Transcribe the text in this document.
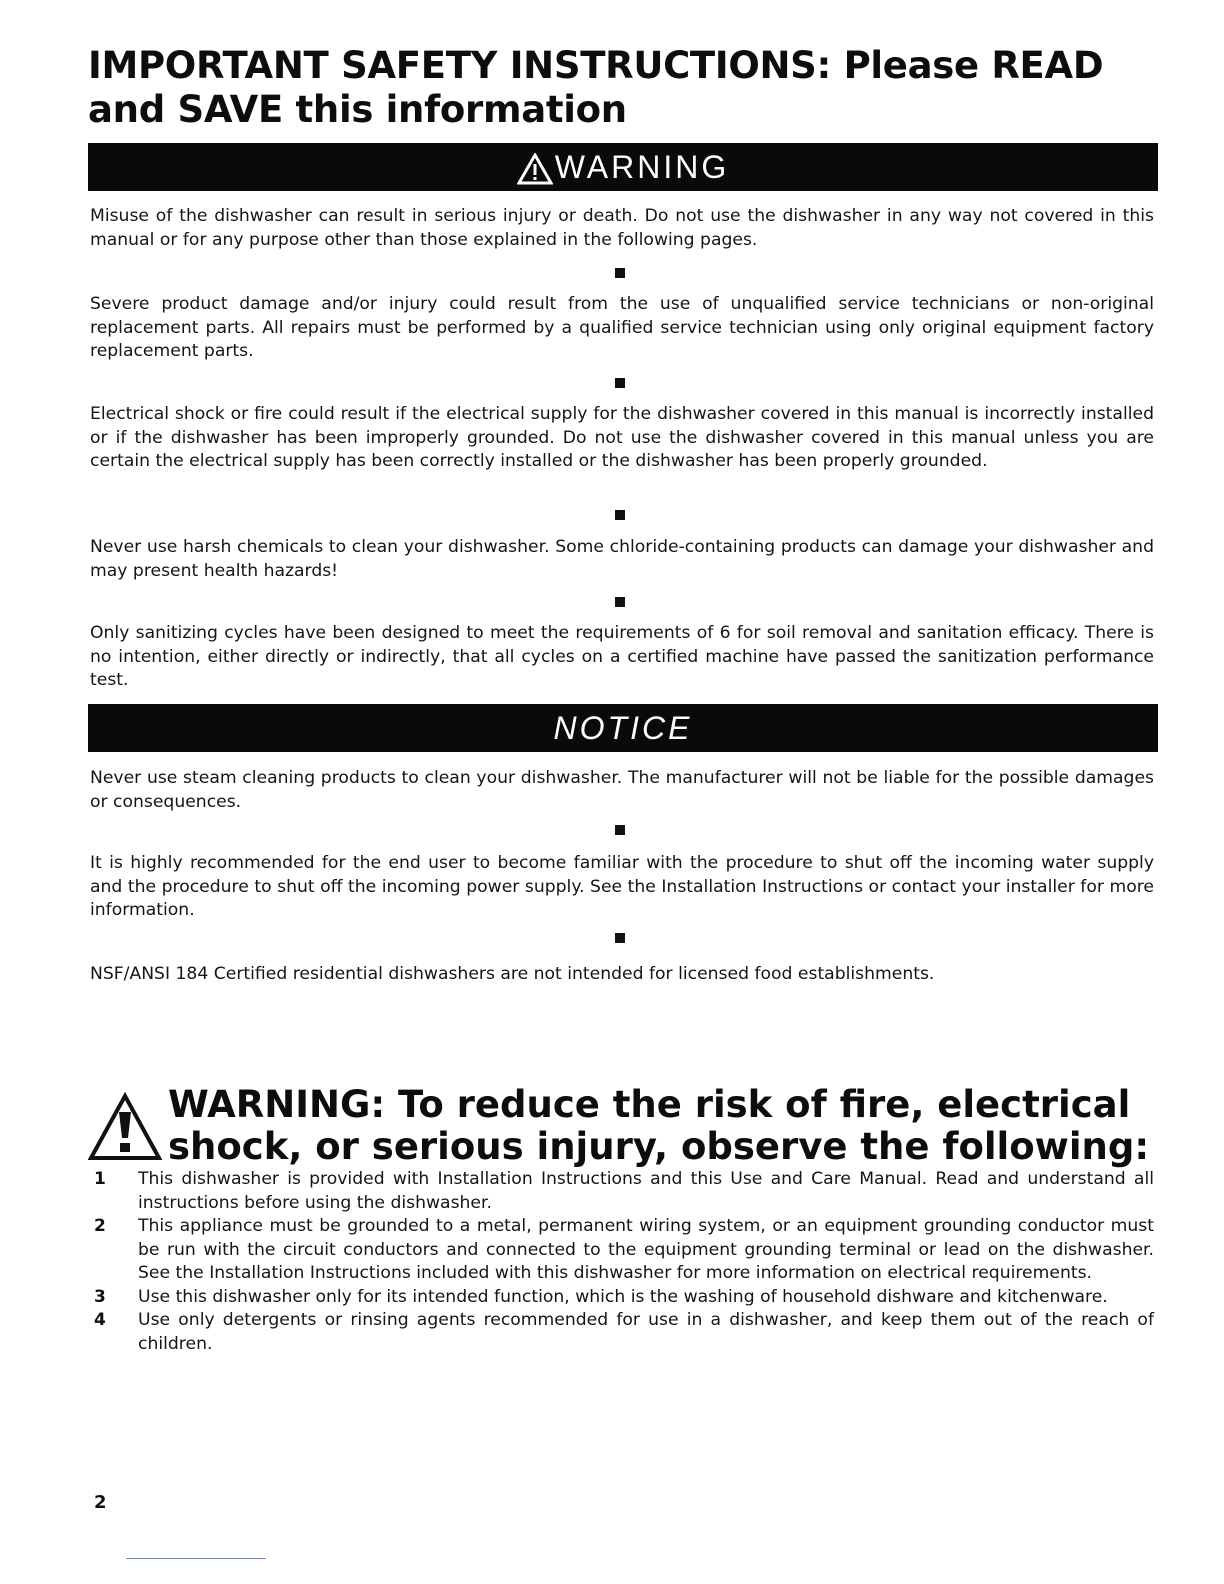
IMPORTANT SAFETY INSTRUCTIONS: Please READ and SAVE this information
WARNING
Misuse of the dishwasher can result in serious injury or death. Do not use the dishwasher in any way not covered in this manual or for any purpose other than those explained in the following pages.
Severe product damage and/or injury could result from the use of unqualified service technicians or non-original replacement parts. All repairs must be performed by a qualified service technician using only original equipment factory replacement parts.
Electrical shock or fire could result if the electrical supply for the dishwasher covered in this manual is incorrectly installed or if the dishwasher has been improperly grounded. Do not use the dishwasher covered in this manual unless you are certain the electrical supply has been correctly installed or the dishwasher has been properly grounded.
Never use harsh chemicals to clean your dishwasher. Some chloride-containing products can damage your dishwasher and may present health hazards!
Only sanitizing cycles have been designed to meet the requirements of 6 for soil removal and sanitation efficacy. There is no intention, either directly or indirectly, that all cycles on a certified machine have passed the sanitization performance test.
NOTICE
Never use steam cleaning products to clean your dishwasher. The manufacturer will not be liable for the possible damages or consequences.
It is highly recommended for the end user to become familiar with the procedure to shut off the incoming water supply and the procedure to shut off the incoming power supply. See the Installation Instructions or contact your installer for more information.
NSF/ANSI 184 Certified residential dishwashers are not intended for licensed food establishments.
WARNING: To reduce the risk of fire, electrical
shock, or serious injury, observe the following:
1	This dishwasher is provided with Installation Instructions and this Use and Care Manual. Read and understand all instructions before using the dishwasher.
2	This appliance must be grounded to a metal, permanent wiring system, or an equipment grounding conductor must be run with the circuit conductors and connected to the equipment grounding terminal or lead on the dishwasher. See the Installation Instructions included with this dishwasher for more information on electrical requirements.
3	Use this dishwasher only for its intended function, which is the washing of household dishware and kitchenware.
4	Use only detergents or rinsing agents recommended for use in a dishwasher, and keep them out of the reach of children.
2
